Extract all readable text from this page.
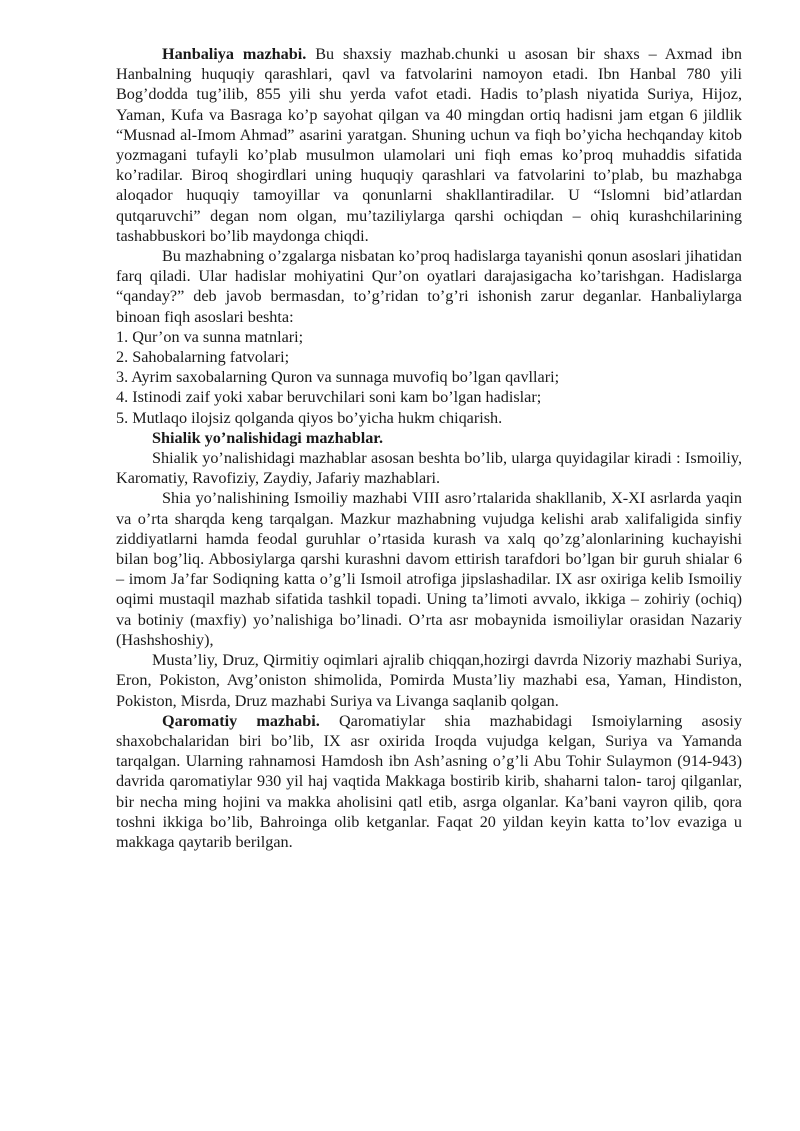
Hanbaliya mazhabi. Bu shaxsiy mazhab.chunki u asosan bir shaxs – Axmad ibn Hanbalning huquqiy qarashlari, qavl va fatvolarini namoyon etadi. Ibn Hanbal 780 yili Bog’dodda tug’ilib, 855 yili shu yerda vafot etadi. Hadis to’plash niyatida Suriya, Hijoz, Yaman, Kufa va Basraga ko’p sayohat qilgan va 40 mingdan ortiq hadisni jam etgan 6 jildlik “Musnad al-Imom Ahmad” asarini yaratgan. Shuning uchun va fiqh bo’yicha hechqanday kitob yozmagani tufayli ko’plab musulmon ulamolari uni fiqh emas ko’proq muhaddis sifatida ko’radilar. Biroq shogirdlari uning huquqiy qarashlari va fatvolarini to’plab, bu mazhabga aloqador huquqiy tamoyillar va qonunlarni shakllantiradilar. U “Islomni bid’atlardan qutqaruvchi” degan nom olgan, mu’taziliylarga qarshi ochiqdan – ohiq kurashchilarining tashabbuskori bo’lib maydonga chiqdi.

Bu mazhabning o’zgalarga nisbatan ko’proq hadislarga tayanishi qonun asoslari jihatidan farq qiladi. Ular hadislar mohiyatini Qur’on oyatlari darajasigacha ko’tarishgan. Hadislarga “qanday?” deb javob bermasdan, to’g’ridan to’g’ri ishonish zarur deganlar. Hanbaliylarga binoan fiqh asoslari beshta:

1. Qur’on va sunna matnlari;
2. Sahobalarning fatvolari;
3. Ayrim saxobalarning Quron va sunnaga muvofiq bo’lgan qavllari;
4. Istinodi zaif yoki xabar beruvchilari soni kam bo’lgan hadislar;
5. Mutlaqo ilojsiz qolganda qiyos bo’yicha hukm chiqarish.

Shialik yo’nalishidagi mazhablar.

Shialik yo’nalishidagi mazhablar asosan beshta bo’lib, ularga quyidagilar kiradi : Ismoiliy, Karomatiy, Ravofiziy, Zaydiy, Jafariy mazhablari.

Shia yo’nalishining Ismoiliy mazhabi VIII asro’rtalarida shakllanib, X-XI asrlarda yaqin va o’rta sharqda keng tarqalgan. Mazkur mazhabning vujudga kelishi arab xalifaligida sinfiy ziddiyatlarni hamda feodal guruhlar o’rtasida kurash va xalq qo’zg’alonlarining kuchayishi bilan bog’liq. Abbosiylarga qarshi kurashni davom ettirish tarafdori bo’lgan bir guruh shialar 6 – imom Ja’far Sodiqning katta o’g’li Ismoil atrofiga jipslashadilar. IX asr oxiriga kelib Ismoiliy oqimi mustaqil mazhab sifatida tashkil topadi. Uning ta’limoti avvalo, ikkiga – zohiriy (ochiq) va botiniy (maxfiy) yo’nalishiga bo’linadi. O’rta asr mobaynida ismoiliylar orasidan Nazariy (Hashshoshiy),

Musta’liy, Druz, Qirmitiy oqimlari ajralib chiqqan,hozirgi davrda Nizoriy mazhabi Suriya, Eron, Pokiston, Avg’oniston shimolida, Pomirda Musta’liy mazhabi esa, Yaman, Hindiston, Pokiston, Misrda, Druz mazhabi Suriya va Livanga saqlanib qolgan.

Qaromatiy mazhabi. Qaromatiylar shia mazhabidagi Ismoiylarning asosiy shaxobchalaridan biri bo’lib, IX asr oxirida Iroqda vujudga kelgan, Suriya va Yamanda tarqalgan. Ularning rahnamosi Hamdosh ibn Ash’asning o’g’li Abu Tohir Sulaymon (914-943) davrida qaromatiylar 930 yil haj vaqtida Makkaga bostirib kirib, shaharni talon- taroj qilganlar, bir necha ming hojini va makka aholisini qatl etib, asrga olganlar. Ka’bani vayron qilib, qora toshni ikkiga bo’lib, Bahroinga olib ketganlar. Faqat 20 yildan keyin katta to’lov evaziga u makkaga qaytarib berilgan.
